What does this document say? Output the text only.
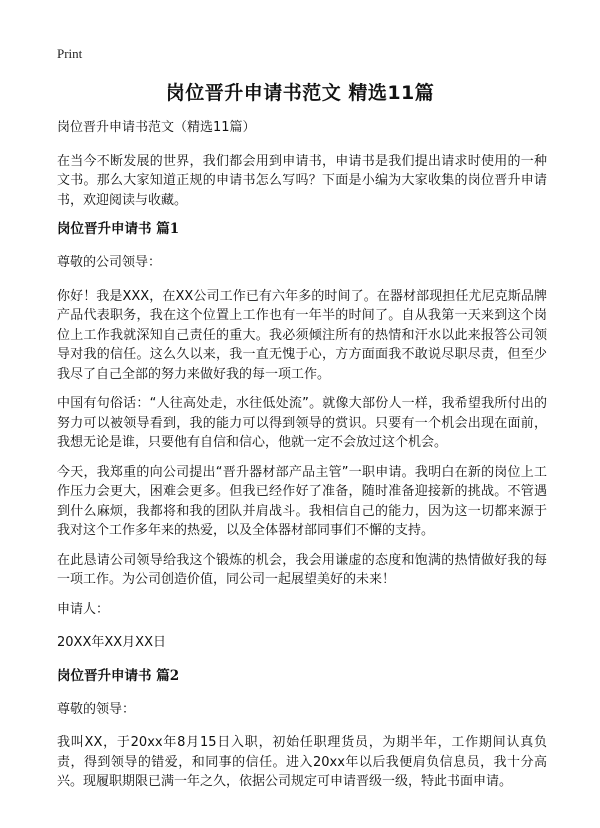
Print
岗位晋升申请书范文 精选11篇

岗位晋升申请书范文（精选11篇）

在当今不断发展的世界，我们都会用到申请书，申请书是我们提出请求时使用的一种文书。那么大家知道正规的申请书怎么写吗？下面是小编为大家收集的岗位晋升申请书，欢迎阅读与收藏。

岗位晋升申请书 篇1

尊敬的公司领导：

你好！我是XXX，在XX公司工作已有六年多的时间了。在器材部现担任尤尼克斯品牌产品代表职务，我在这个位置上工作也有一年半的时间了。自从我第一天来到这个岗位上工作我就深知自己责任的重大。我必须倾注所有的热情和汗水以此来报答公司领导对我的信任。这么久以来，我一直无愧于心，方方面面我不敢说尽职尽责，但至少我尽了自己全部的努力来做好我的每一项工作。

中国有句俗话：“人往高处走，水往低处流”。就像大部份人一样，我希望我所付出的努力可以被领导看到，我的能力可以得到领导的赏识。只要有一个机会出现在面前，我想无论是谁，只要他有自信和信心，他就一定不会放过这个机会。

今天，我郑重的向公司提出“晋升器材部产品主管”一职申请。我明白在新的岗位上工作压力会更大，困难会更多。但我已经作好了准备，随时准备迎接新的挑战。不管遇到什么麻烦，我都将和我的团队并肩战斗。我相信自己的能力，因为这一切都来源于我对这个工作多年来的热爱，以及全体器材部同事们不懈的支持。

在此恳请公司领导给我这个锻炼的机会，我会用谦虚的态度和饱满的热情做好我的每一项工作。为公司创造价值，同公司一起展望美好的未来！

申请人：

20XX年XX月XX日

岗位晋升申请书 篇2

尊敬的领导：

我叫XX，于20xx年8月15日入职，初始任职理货员，为期半年，工作期间认真负责，得到领导的错爱，和同事的信任。进入20xx年以后我便肩负信息员，我十分高兴。现履职期限已满一年之久，依据公司规定可申请晋级一级，特此书面申请。
